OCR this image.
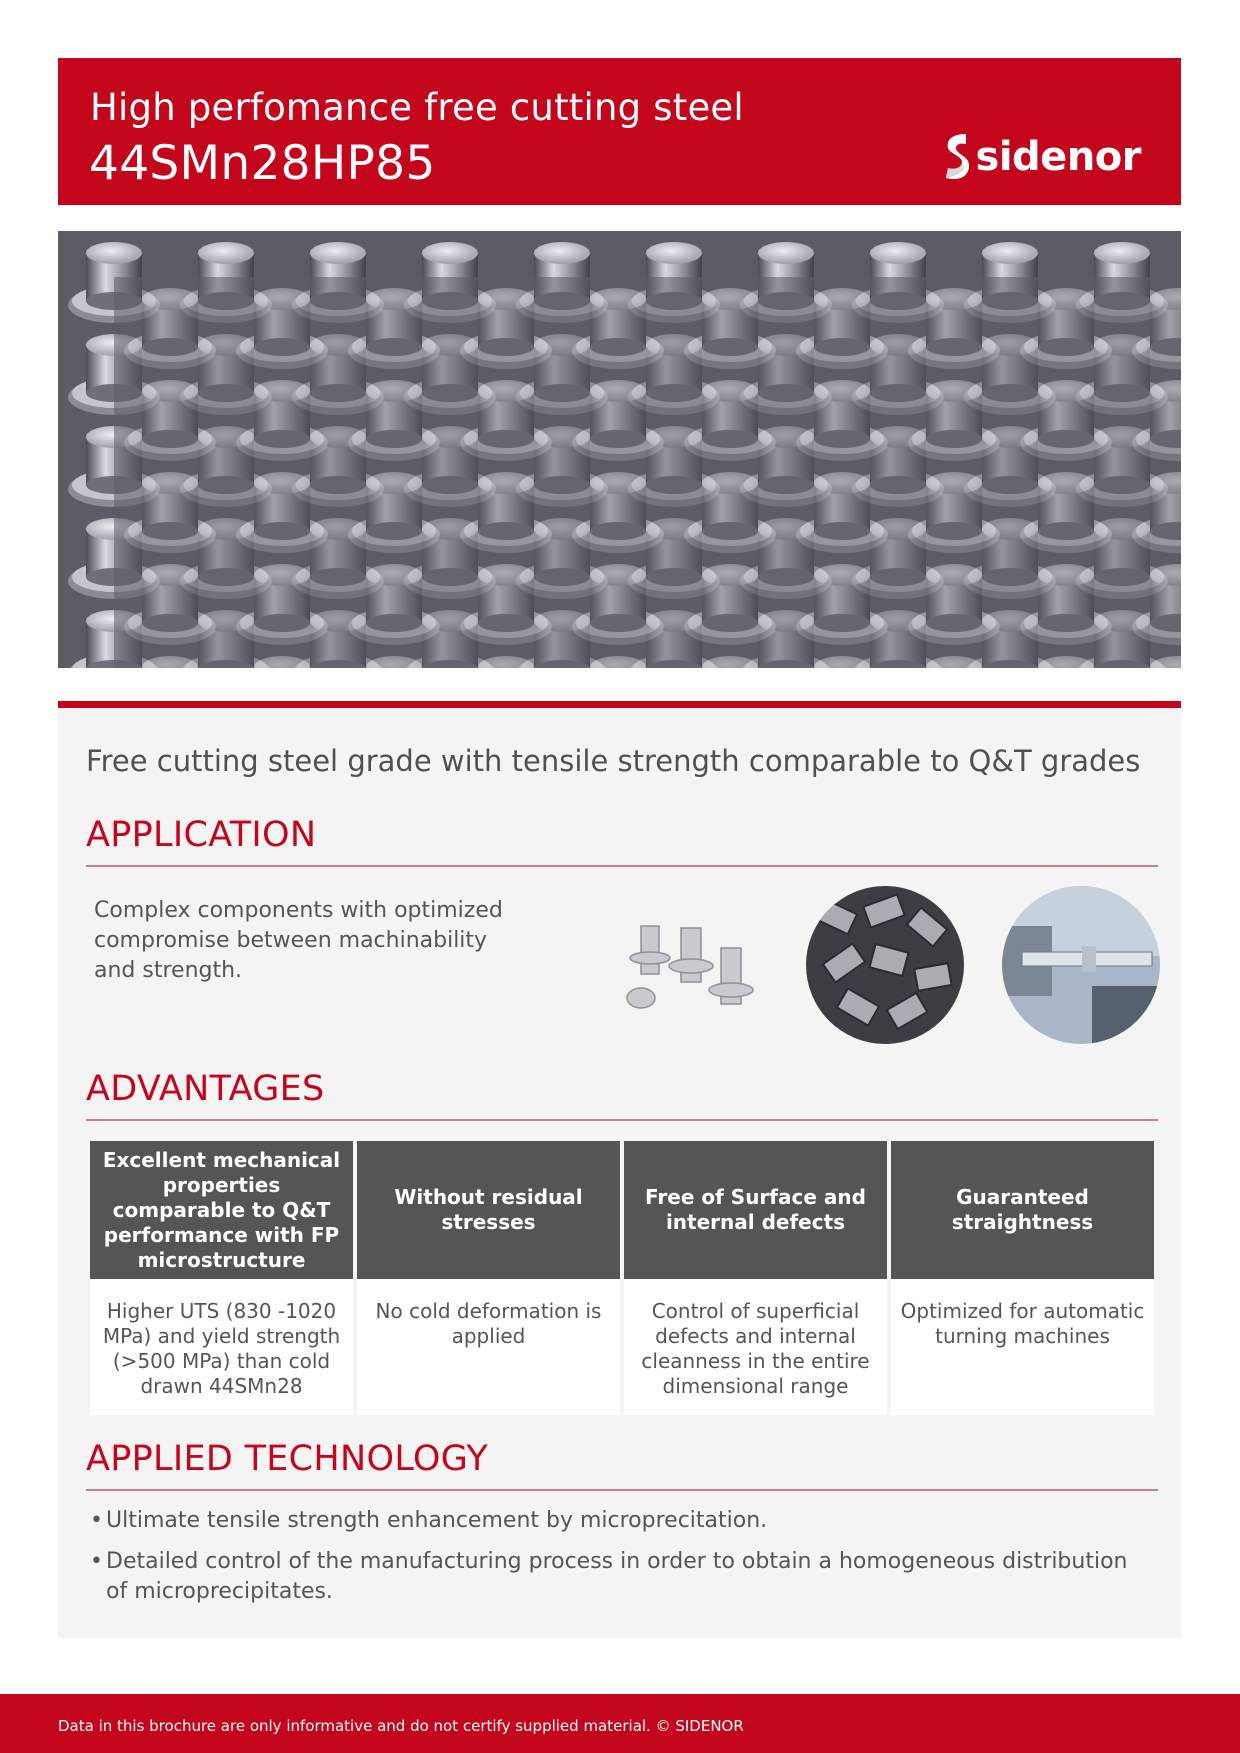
High perfomance free cutting steel
44SMn28HP85	sidenor
Free cutting steel grade with tensile strength comparable to Q&T grades
APPLICATION
Complex components with optimized compromise between machinability and strength.
ADVANTAGES
Excellent mechanical properties comparable to Q&T performance with FP microstructure
Higher UTS (830 -1020 MPa) and yield strength (>500 MPa) than cold drawn 44SMn28
Without residual stresses
No cold deformation is applied
Free of Surface and internal defects
Control of superficial defects and internal cleanness in the entire dimensional range
Guaranteed straightness
Optimized for automatic turning machines
APPLIED TECHNOLOGY
• Ultimate tensile strength enhancement by microprecitation.
• Detailed control of the manufacturing process in order to obtain a homogeneous distribution of microprecipitates.
Data in this brochure are only informative and do not certify supplied material. © SIDENOR
